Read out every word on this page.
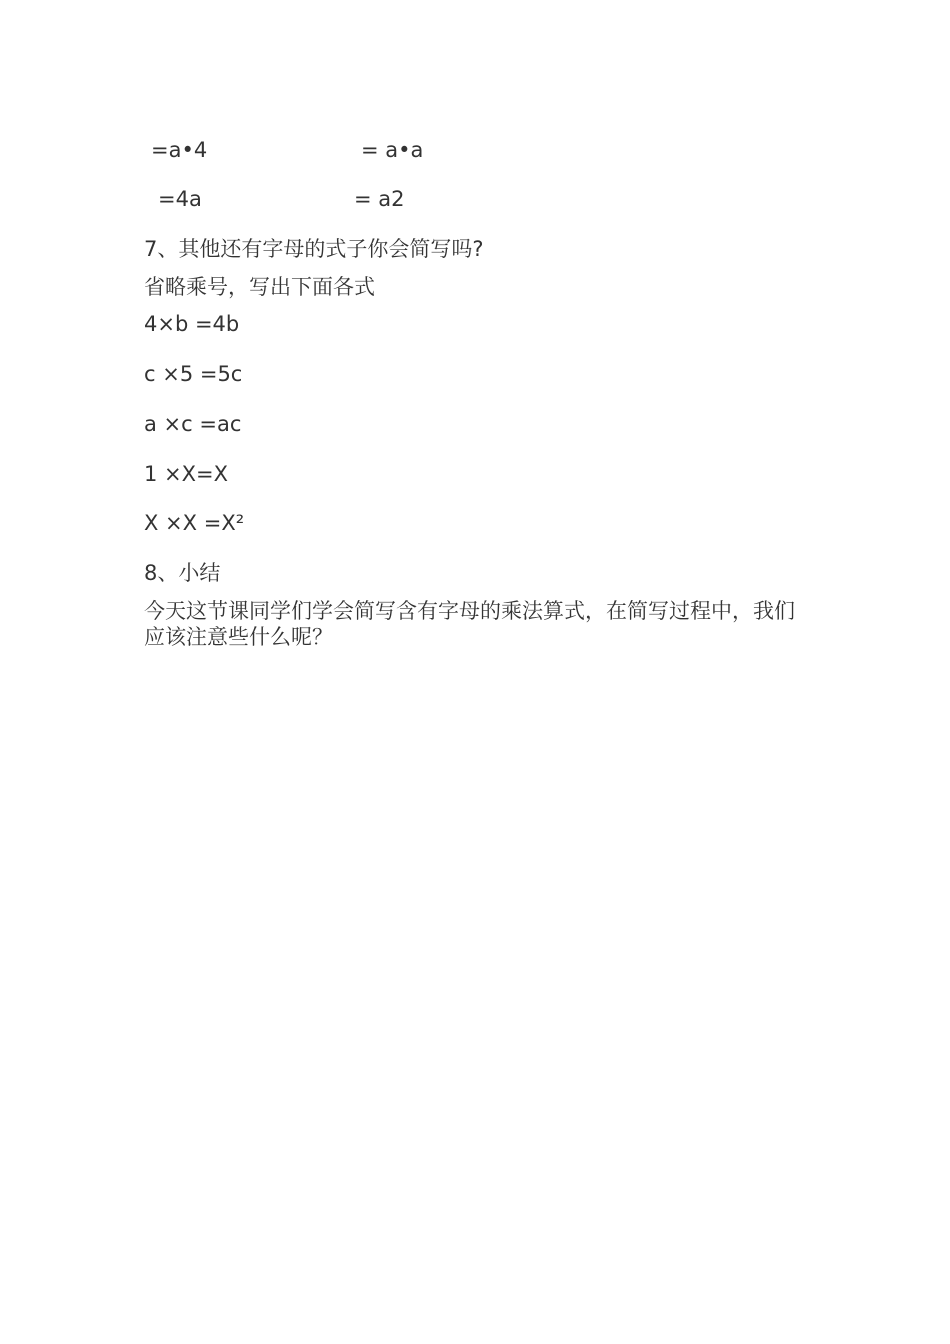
=a•4	= a•a
=4a	= a2
7、其他还有字母的式子你会简写吗?
省略乘号，写出下面各式
4×b =4b
c ×5 =5c
a ×c =ac
1 ×X=X
X ×X =X²
8、小结
今天这节课同学们学会简写含有字母的乘法算式，在简写过程中，我们应该注意些什么呢？
